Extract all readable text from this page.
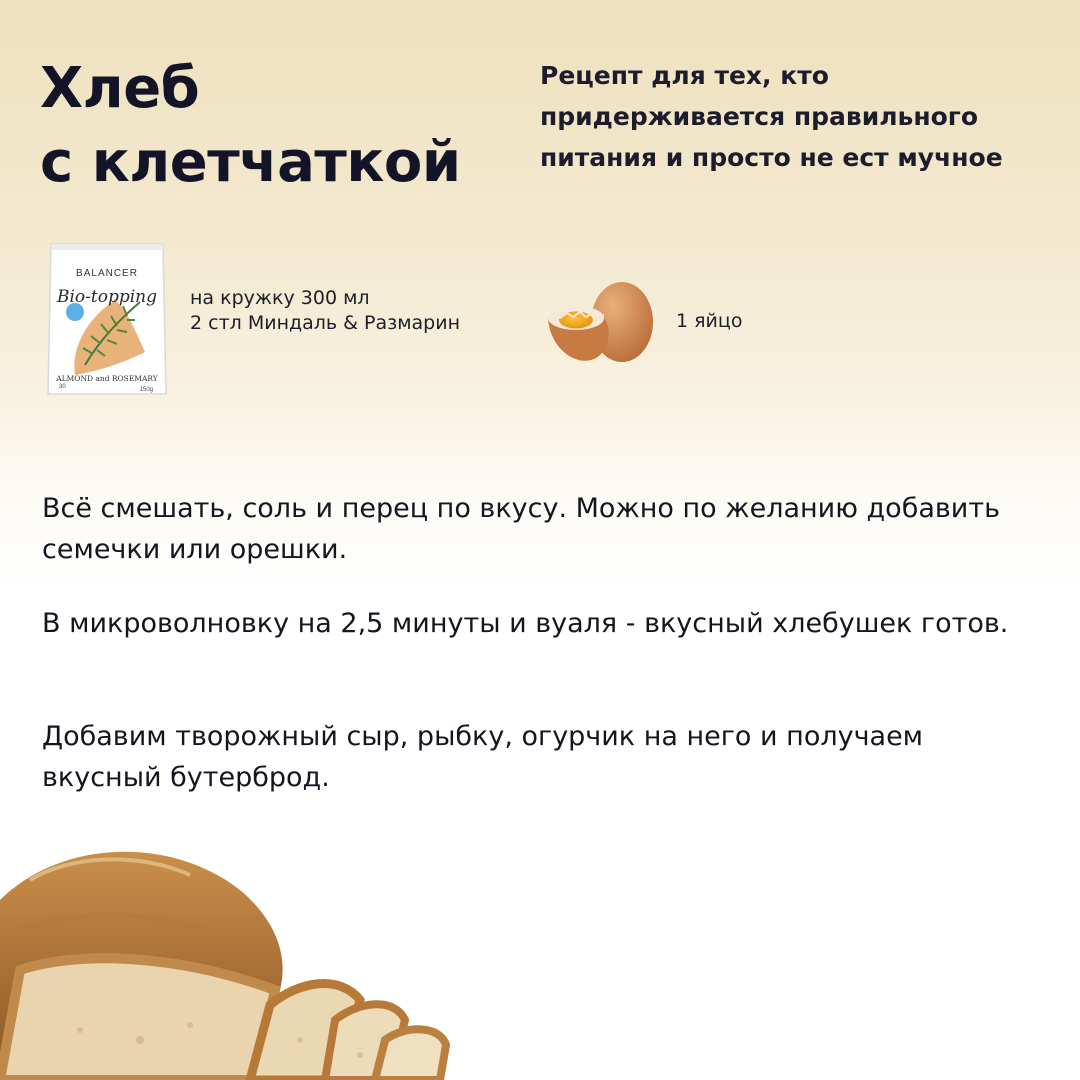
Хлеб
с клетчаткой

Рецепт для тех, кто придерживается правильного питания и просто не ест мучное

BALANCER
Bio-topping
ALMOND and ROSEMARY
30	150g
на кружку 300 мл
2 стл Миндаль & Размарин	1 яйцо

Всё смешать, соль и перец по вкусу. Можно по желанию добавить семечки или орешки.

В микроволновку на 2,5 минуты и вуаля - вкусный хлебушек готов.

Добавим творожный сыр, рыбку, огурчик на него и получаем вкусный бутерброд.
